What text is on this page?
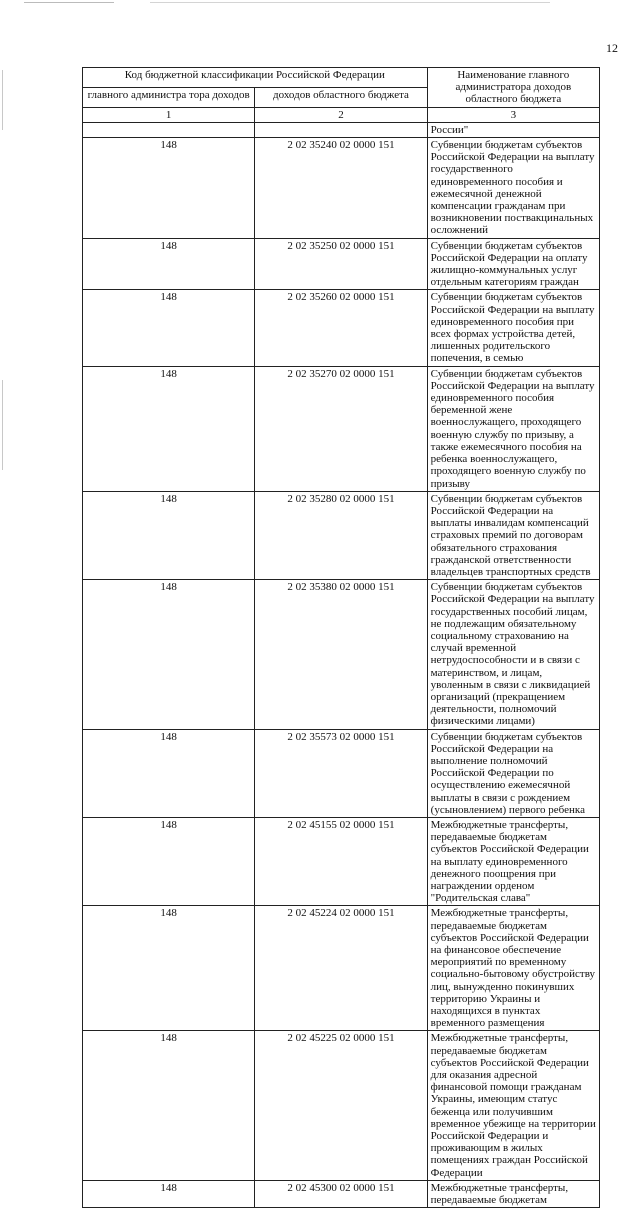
12
Код бюджетной классификации Российской Федерации		Наименование главного администратора доходов областного бюджета
главного администра тора доходов	доходов областного бюджета	
1	2	3
		России"
148	2 02 35240 02 0000 151	Субвенции бюджетам субъектов Российской Федерации на выплату государственного единовременного пособия и ежемесячной денежной компенсации гражданам при возникновении поствакцинальных осложнений
148	2 02 35250 02 0000 151	Субвенции бюджетам субъектов Российской Федерации на оплату жилищно-коммунальных услуг отдельным категориям граждан
148	2 02 35260 02 0000 151	Субвенции бюджетам субъектов Российской Федерации на выплату единовременного пособия при всех формах устройства детей, лишенных родительского попечения, в семью
148	2 02 35270 02 0000 151	Субвенции бюджетам субъектов Российской Федерации на выплату единовременного пособия беременной жене военнослужащего, проходящего военную службу по призыву, а также ежемесячного пособия на ребенка военнослужащего, проходящего военную службу по призыву
148	2 02 35280 02 0000 151	Субвенции бюджетам субъектов Российской Федерации на выплаты инвалидам компенсаций страховых премий по договорам обязательного страхования гражданской ответственности владельцев транспортных средств
148	2 02 35380 02 0000 151	Субвенции бюджетам субъектов Российской Федерации на выплату государственных пособий лицам, не подлежащим обязательному социальному страхованию на случай временной нетрудоспособности и в связи с материнством, и лицам, уволенным в связи с ликвидацией организаций (прекращением деятельности, полномочий физическими лицами)
148	2 02 35573 02 0000 151	Субвенции бюджетам субъектов Российской Федерации на выполнение полномочий Российской Федерации по осуществлению ежемесячной выплаты в связи с рождением (усыновлением) первого ребенка
148	2 02 45155 02 0000 151	Межбюджетные трансферты, передаваемые бюджетам субъектов Российской Федерации на выплату единовременного денежного поощрения при награждении орденом "Родительская слава"
148	2 02 45224 02 0000 151	Межбюджетные трансферты, передаваемые бюджетам субъектов Российской Федерации на финансовое обеспечение мероприятий по временному социально-бытовому обустройству лиц, вынужденно покинувших территорию Украины и находящихся в пунктах временного размещения
148	2 02 45225 02 0000 151	Межбюджетные трансферты, передаваемые бюджетам субъектов Российской Федерации для оказания адресной финансовой помощи гражданам Украины, имеющим статус беженца или получившим временное убежище на территории Российской Федерации и проживающим в жилых помещениях граждан Российской Федерации
148	2 02 45300 02 0000 151	Межбюджетные трансферты, передаваемые бюджетам
